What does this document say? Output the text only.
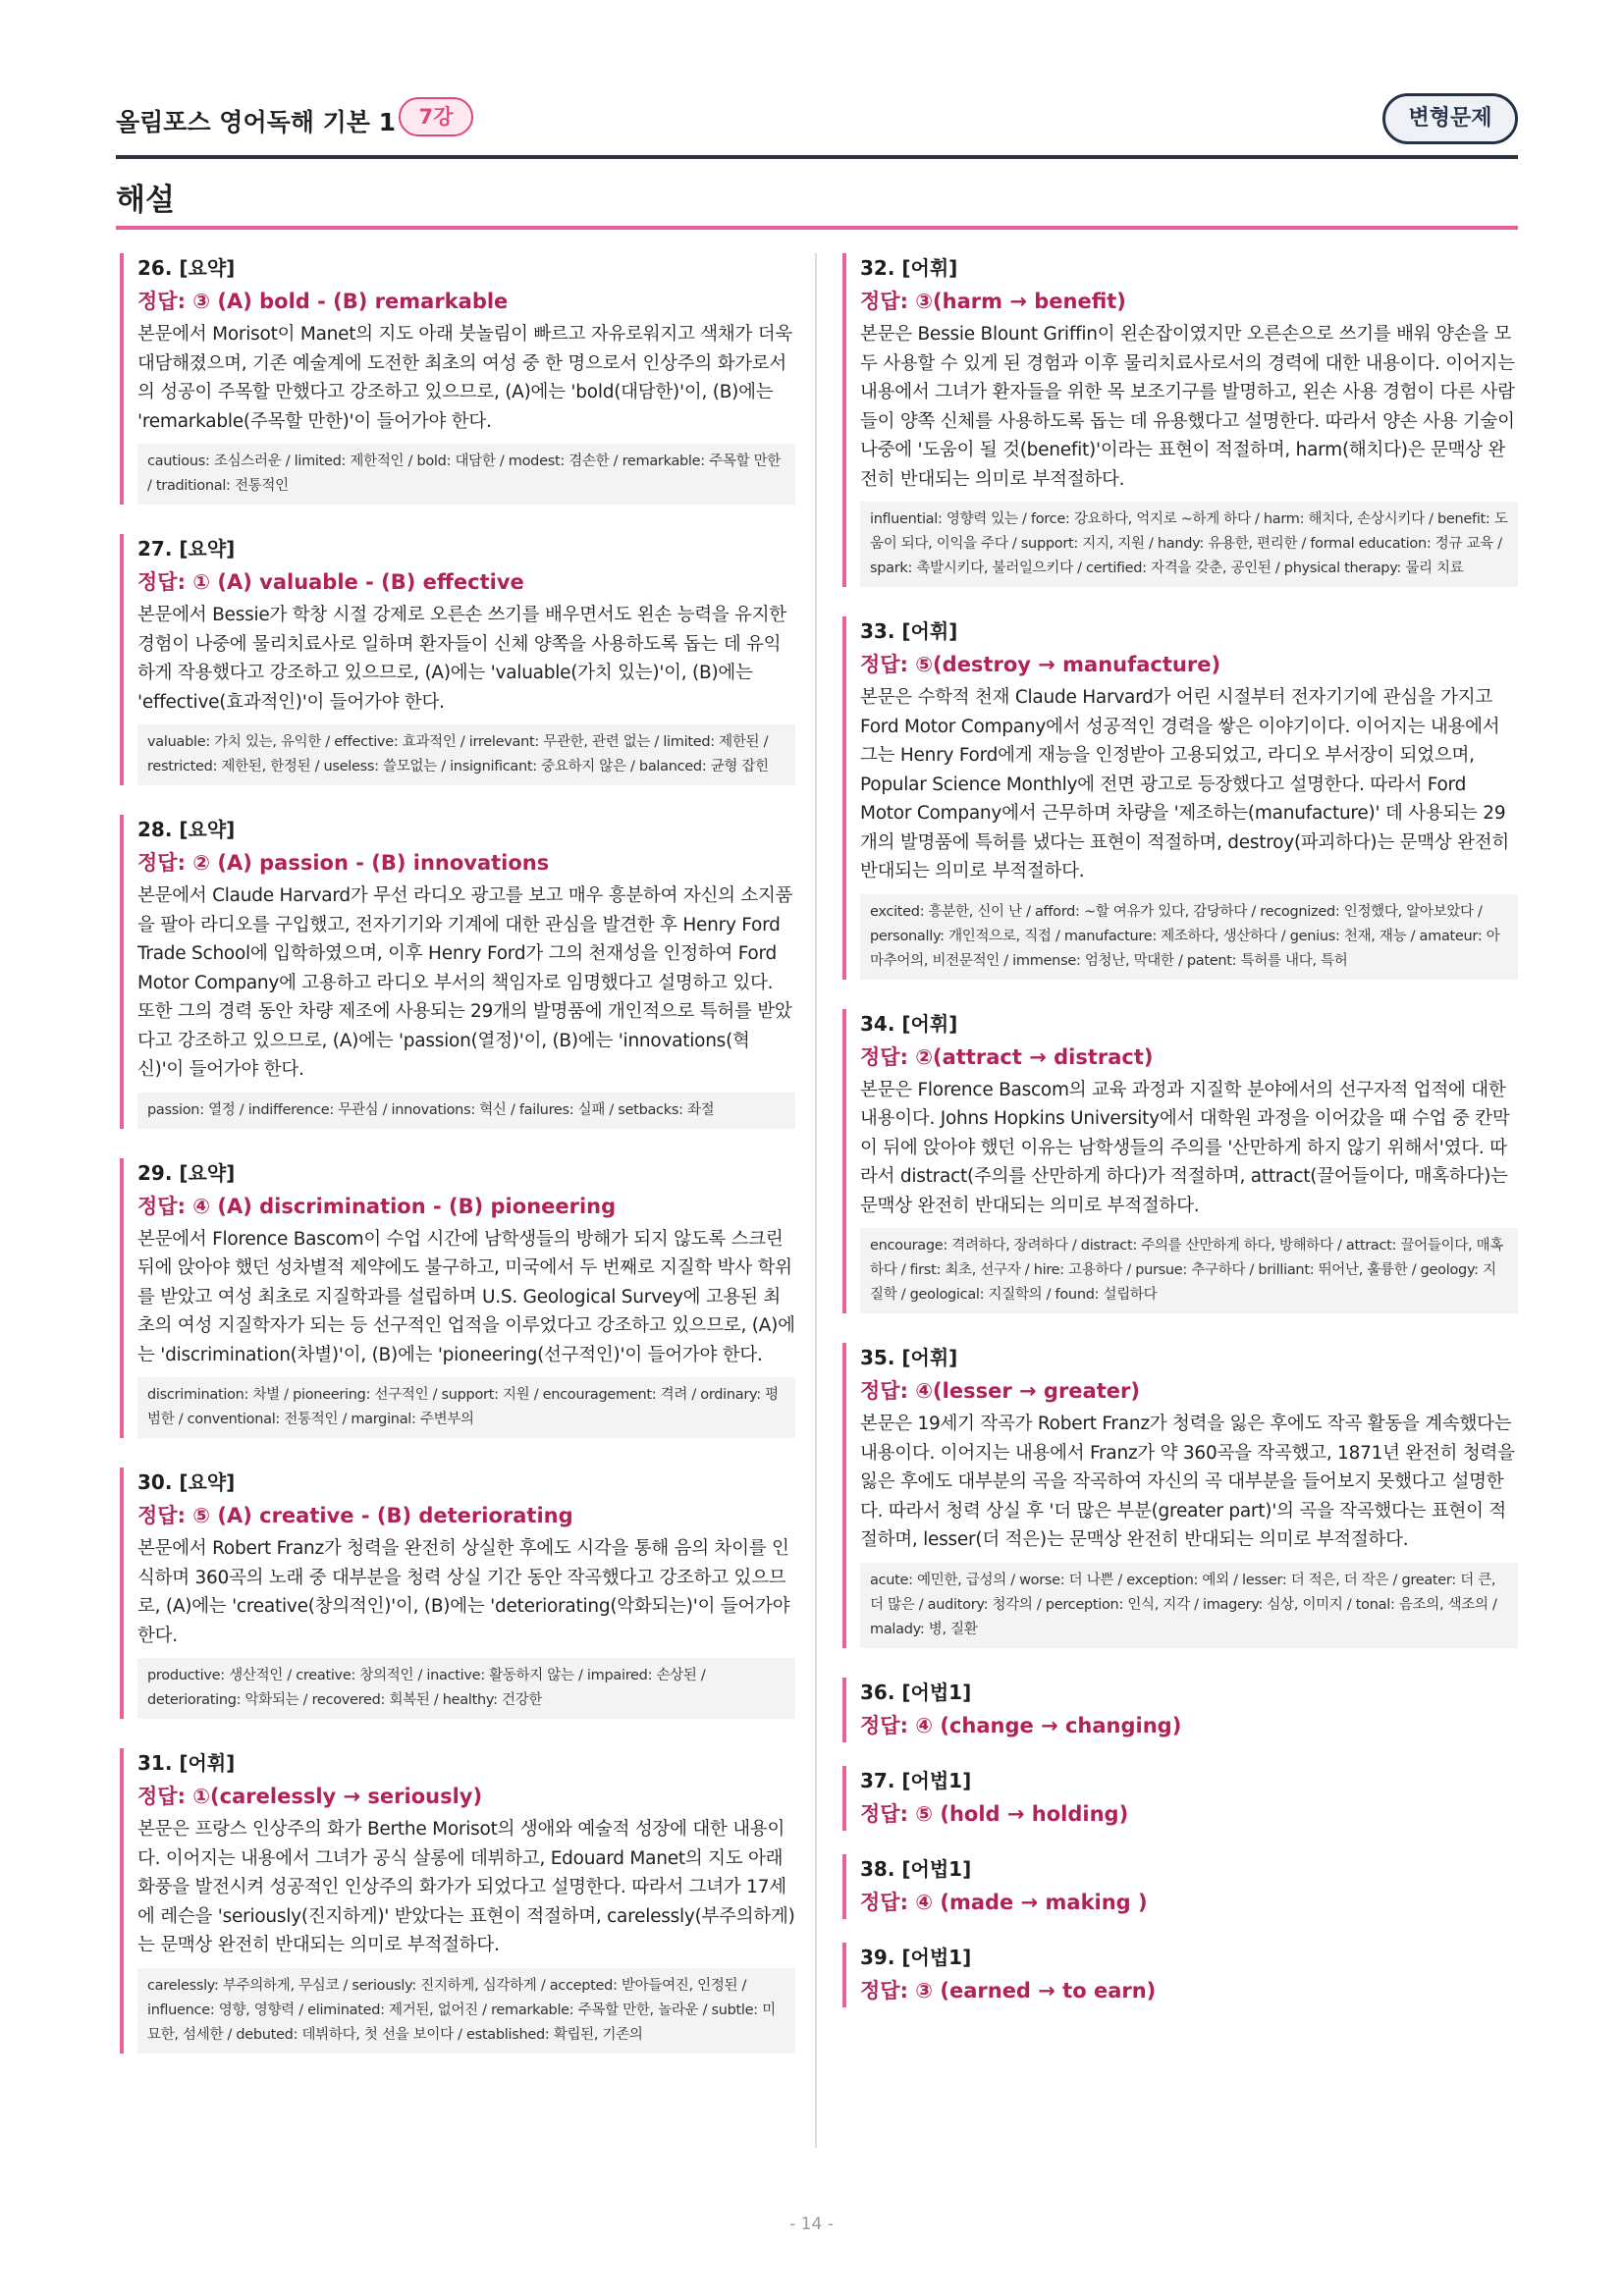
올림포스 영어독해 기본 1	7강	변형문제
해설
26. [요약]
정답: ③ (A) bold - (B) remarkable
본문에서 Morisot이 Manet의 지도 아래 붓놀림이 빠르고 자유로워지고 색채가 더욱 대담해졌으며, 기존 예술계에 도전한 최초의 여성 중 한 명으로서 인상주의 화가로서의 성공이 주목할 만했다고 강조하고 있으므로, (A)에는 'bold(대담한)'이, (B)에는 'remarkable(주목할 만한)'이 들어가야 한다.
cautious: 조심스러운 / limited: 제한적인 / bold: 대담한 / modest: 겸손한 / remarkable: 주목할 만한 / traditional: 전통적인
27. [요약]
정답: ① (A) valuable - (B) effective
본문에서 Bessie가 학창 시절 강제로 오른손 쓰기를 배우면서도 왼손 능력을 유지한 경험이 나중에 물리치료사로 일하며 환자들이 신체 양쪽을 사용하도록 돕는 데 유익하게 작용했다고 강조하고 있으므로, (A)에는 'valuable(가치 있는)'이, (B)에는 'effective(효과적인)'이 들어가야 한다.
valuable: 가치 있는, 유익한 / effective: 효과적인 / irrelevant: 무관한, 관련 없는 / limited: 제한된 / restricted: 제한된, 한정된 / useless: 쓸모없는 / insignificant: 중요하지 않은 / balanced: 균형 잡힌
28. [요약]
정답: ② (A) passion - (B) innovations
본문에서 Claude Harvard가 무선 라디오 광고를 보고 매우 흥분하여 자신의 소지품을 팔아 라디오를 구입했고, 전자기기와 기계에 대한 관심을 발견한 후 Henry Ford Trade School에 입학하였으며, 이후 Henry Ford가 그의 천재성을 인정하여 Ford Motor Company에 고용하고 라디오 부서의 책임자로 임명했다고 설명하고 있다. 또한 그의 경력 동안 차량 제조에 사용되는 29개의 발명품에 개인적으로 특허를 받았다고 강조하고 있으므로, (A)에는 'passion(열정)'이, (B)에는 'innovations(혁신)'이 들어가야 한다.
passion: 열정 / indifference: 무관심 / innovations: 혁신 / failures: 실패 / setbacks: 좌절
29. [요약]
정답: ④ (A) discrimination - (B) pioneering
본문에서 Florence Bascom이 수업 시간에 남학생들의 방해가 되지 않도록 스크린 뒤에 앉아야 했던 성차별적 제약에도 불구하고, 미국에서 두 번째로 지질학 박사 학위를 받았고 여성 최초로 지질학과를 설립하며 U.S. Geological Survey에 고용된 최초의 여성 지질학자가 되는 등 선구적인 업적을 이루었다고 강조하고 있으므로, (A)에는 'discrimination(차별)'이, (B)에는 'pioneering(선구적인)'이 들어가야 한다.
discrimination: 차별 / pioneering: 선구적인 / support: 지원 / encouragement: 격려 / ordinary: 평범한 / conventional: 전통적인 / marginal: 주변부의
30. [요약]
정답: ⑤ (A) creative - (B) deteriorating
본문에서 Robert Franz가 청력을 완전히 상실한 후에도 시각을 통해 음의 차이를 인식하며 360곡의 노래 중 대부분을 청력 상실 기간 동안 작곡했다고 강조하고 있으므로, (A)에는 'creative(창의적인)'이, (B)에는 'deteriorating(악화되는)'이 들어가야 한다.
productive: 생산적인 / creative: 창의적인 / inactive: 활동하지 않는 / impaired: 손상된 / deteriorating: 악화되는 / recovered: 회복된 / healthy: 건강한
31. [어휘]
정답: ①(carelessly → seriously)
본문은 프랑스 인상주의 화가 Berthe Morisot의 생애와 예술적 성장에 대한 내용이다. 이어지는 내용에서 그녀가 공식 살롱에 데뷔하고, Edouard Manet의 지도 아래 화풍을 발전시켜 성공적인 인상주의 화가가 되었다고 설명한다. 따라서 그녀가 17세에 레슨을 'seriously(진지하게)' 받았다는 표현이 적절하며, carelessly(부주의하게)는 문맥상 완전히 반대되는 의미로 부적절하다.
carelessly: 부주의하게, 무심코 / seriously: 진지하게, 심각하게 / accepted: 받아들여진, 인정된 / influence: 영향, 영향력 / eliminated: 제거된, 없어진 / remarkable: 주목할 만한, 놀라운 / subtle: 미묘한, 섬세한 / debuted: 데뷔하다, 첫 선을 보이다 / established: 확립된, 기존의
32. [어휘]
정답: ③(harm → benefit)
본문은 Bessie Blount Griffin이 왼손잡이였지만 오른손으로 쓰기를 배워 양손을 모두 사용할 수 있게 된 경험과 이후 물리치료사로서의 경력에 대한 내용이다. 이어지는 내용에서 그녀가 환자들을 위한 목 보조기구를 발명하고, 왼손 사용 경험이 다른 사람들이 양쪽 신체를 사용하도록 돕는 데 유용했다고 설명한다. 따라서 양손 사용 기술이 나중에 '도움이 될 것(benefit)'이라는 표현이 적절하며, harm(해치다)은 문맥상 완전히 반대되는 의미로 부적절하다.
influential: 영향력 있는 / force: 강요하다, 억지로 ~하게 하다 / harm: 해치다, 손상시키다 / benefit: 도움이 되다, 이익을 주다 / support: 지지, 지원 / handy: 유용한, 편리한 / formal education: 정규 교육 / spark: 촉발시키다, 불러일으키다 / certified: 자격을 갖춘, 공인된 / physical therapy: 물리 치료
33. [어휘]
정답: ⑤(destroy → manufacture)
본문은 수학적 천재 Claude Harvard가 어린 시절부터 전자기기에 관심을 가지고 Ford Motor Company에서 성공적인 경력을 쌓은 이야기이다. 이어지는 내용에서 그는 Henry Ford에게 재능을 인정받아 고용되었고, 라디오 부서장이 되었으며, Popular Science Monthly에 전면 광고로 등장했다고 설명한다. 따라서 Ford Motor Company에서 근무하며 차량을 '제조하는(manufacture)' 데 사용되는 29개의 발명품에 특허를 냈다는 표현이 적절하며, destroy(파괴하다)는 문맥상 완전히 반대되는 의미로 부적절하다.
excited: 흥분한, 신이 난 / afford: ~할 여유가 있다, 감당하다 / recognized: 인정했다, 알아보았다 / personally: 개인적으로, 직접 / manufacture: 제조하다, 생산하다 / genius: 천재, 재능 / amateur: 아마추어의, 비전문적인 / immense: 엄청난, 막대한 / patent: 특허를 내다, 특허
34. [어휘]
정답: ②(attract → distract)
본문은 Florence Bascom의 교육 과정과 지질학 분야에서의 선구자적 업적에 대한 내용이다. Johns Hopkins University에서 대학원 과정을 이어갔을 때 수업 중 칸막이 뒤에 앉아야 했던 이유는 남학생들의 주의를 '산만하게 하지 않기 위해서'였다. 따라서 distract(주의를 산만하게 하다)가 적절하며, attract(끌어들이다, 매혹하다)는 문맥상 완전히 반대되는 의미로 부적절하다.
encourage: 격려하다, 장려하다 / distract: 주의를 산만하게 하다, 방해하다 / attract: 끌어들이다, 매혹하다 / first: 최초, 선구자 / hire: 고용하다 / pursue: 추구하다 / brilliant: 뛰어난, 훌륭한 / geology: 지질학 / geological: 지질학의 / found: 설립하다
35. [어휘]
정답: ④(lesser → greater)
본문은 19세기 작곡가 Robert Franz가 청력을 잃은 후에도 작곡 활동을 계속했다는 내용이다. 이어지는 내용에서 Franz가 약 360곡을 작곡했고, 1871년 완전히 청력을 잃은 후에도 대부분의 곡을 작곡하여 자신의 곡 대부분을 들어보지 못했다고 설명한다. 따라서 청력 상실 후 '더 많은 부분(greater part)'의 곡을 작곡했다는 표현이 적절하며, lesser(더 적은)는 문맥상 완전히 반대되는 의미로 부적절하다.
acute: 예민한, 급성의 / worse: 더 나쁜 / exception: 예외 / lesser: 더 적은, 더 작은 / greater: 더 큰, 더 많은 / auditory: 청각의 / perception: 인식, 지각 / imagery: 심상, 이미지 / tonal: 음조의, 색조의 / malady: 병, 질환
36. [어법1]
정답: ④ (change → changing)
37. [어법1]
정답: ⑤ (hold → holding)
38. [어법1]
정답: ④ (made → making )
39. [어법1]
정답: ③ (earned → to earn)
- 14 -
